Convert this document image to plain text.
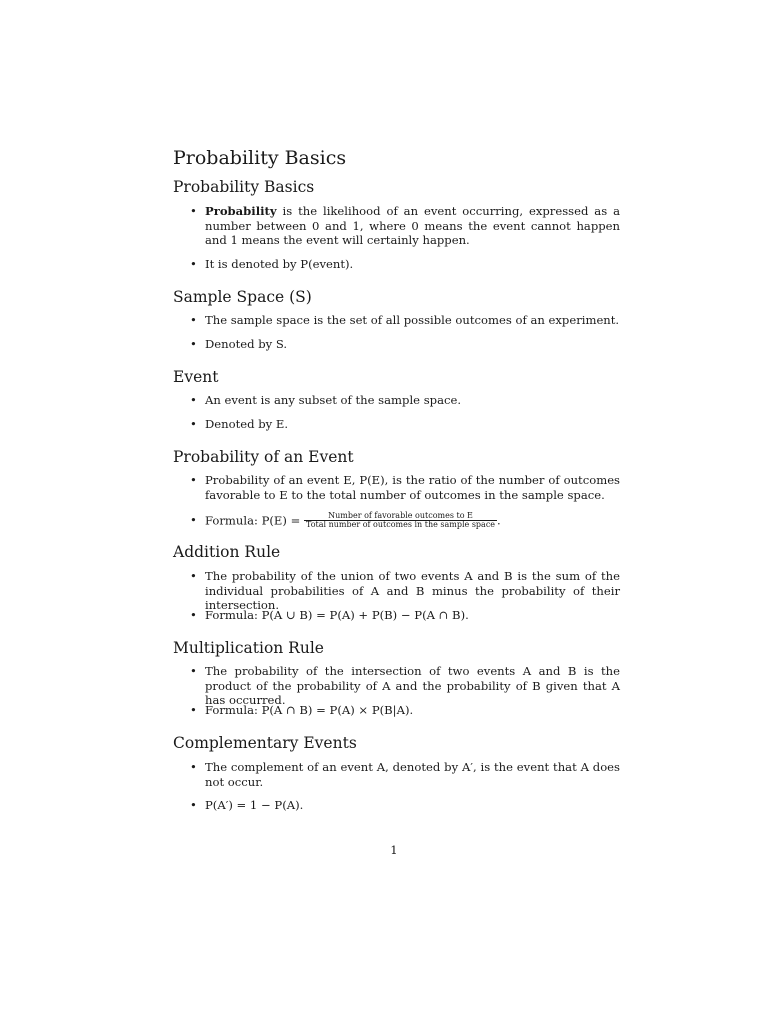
Probability Basics
Probability Basics
• Probability is the likelihood of an event occurring, expressed as a number between 0 and 1, where 0 means the event cannot happen and 1 means the event will certainly happen.
• It is denoted by P(event).
Sample Space (S)
• The sample space is the set of all possible outcomes of an experiment.
• Denoted by S.
Event
• An event is any subset of the sample space.
• Denoted by E.
Probability of an Event
• Probability of an event E, P(E), is the ratio of the number of outcomes favorable to E to the total number of outcomes in the sample space.
• Formula: $P(E) = \frac{\text{Number of favorable outcomes to E}}{\text{Total number of outcomes in the sample space}}$ .
Addition Rule
• The probability of the union of two events A and B is the sum of the individual probabilities of A and B minus the probability of their intersection.
• Formula: P(A ∪ B) = P(A) + P(B) − P(A ∩ B).
Multiplication Rule
• The probability of the intersection of two events A and B is the product of the probability of A and the probability of B given that A has occurred.
• Formula: P(A ∩ B) = P(A) × P(B|A).
Complementary Events
• The complement of an event A, denoted by A′, is the event that A does not occur.
• P(A′) = 1 − P(A).
1
